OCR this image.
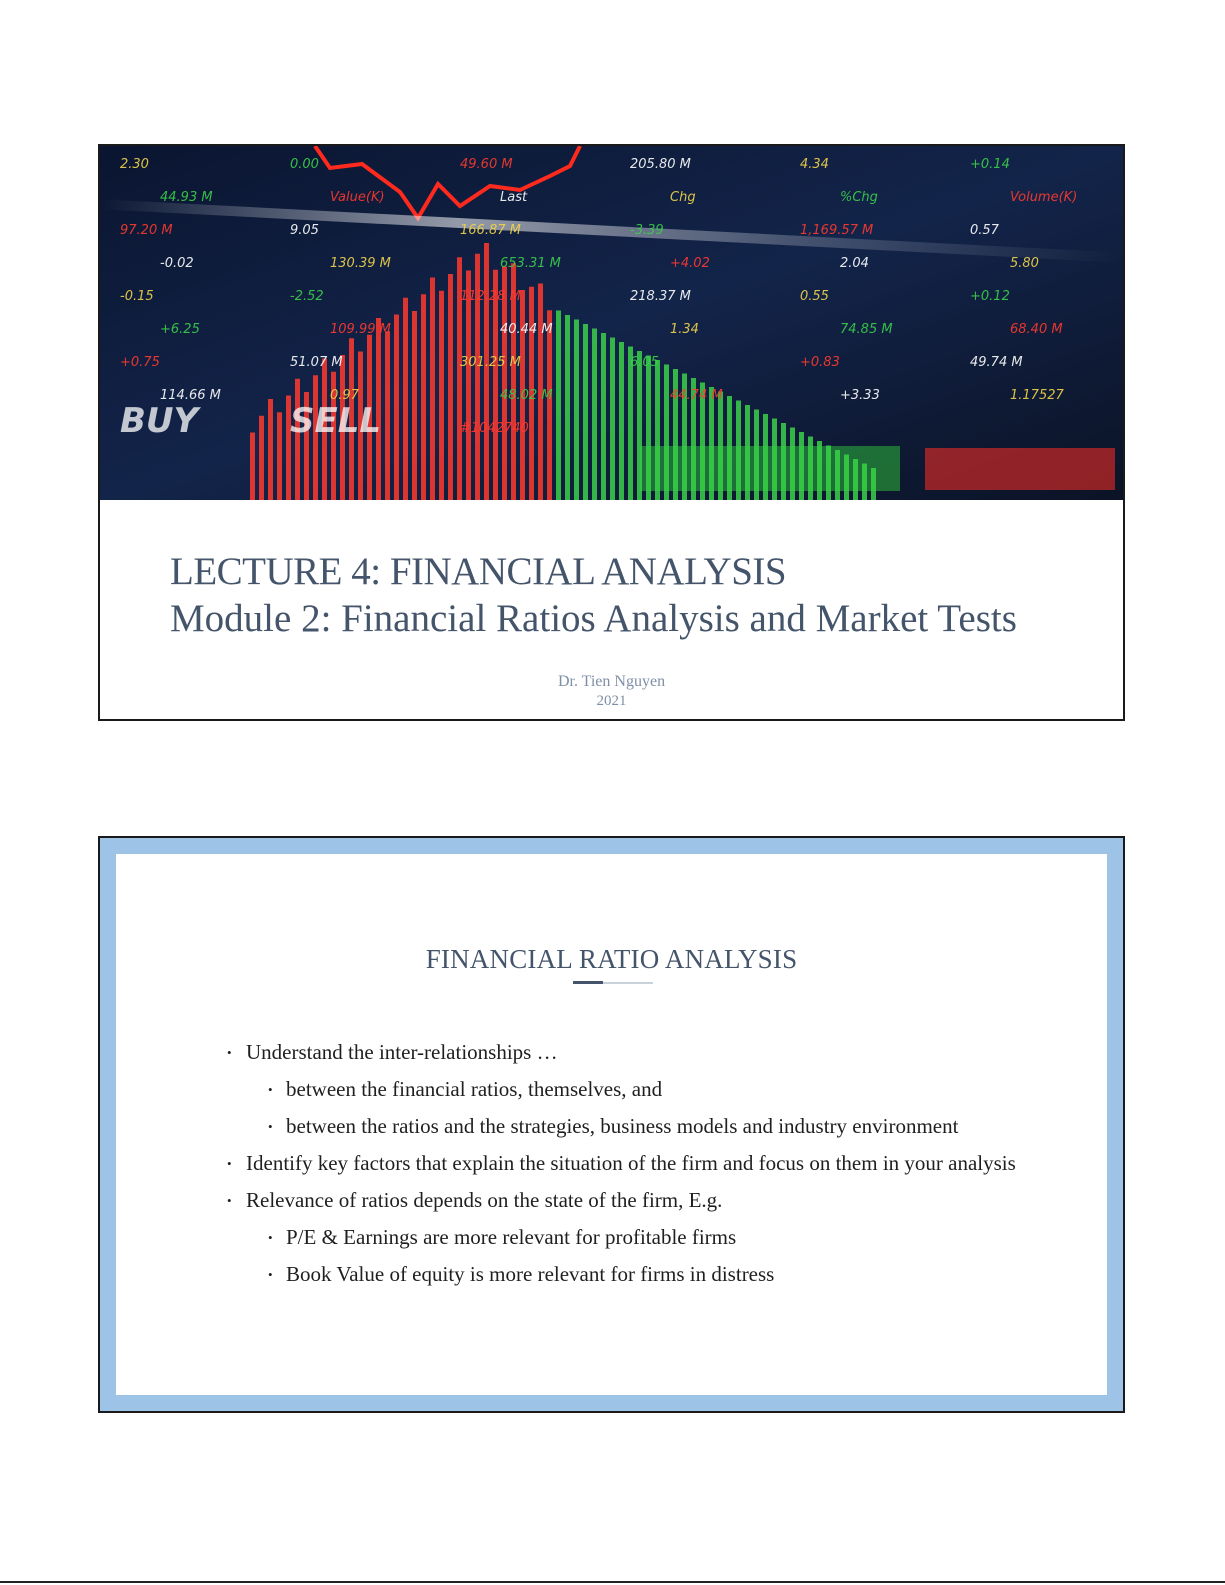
2.30	0.00	49.60 M	205.80 M	4.34	+0.14
44.93 M	Value(K)	Last	Chg	%Chg	Volume(K)
97.20 M	9.05	166.87 M	-3.39	1,169.57 M	0.57
-0.02	130.39 M	653.31 M	+4.02	2.04	5.80
-0.15	-2.52	112.28 M	218.37 M	0.55	+0.12
+6.25	109.99 M	40.44 M	1.34	74.85 M	68.40 M
+0.75	51.07 M	301.25 M	6.05	+0.83	49.74 M
114.66 M	0.97	48.02 M	44.74 M	+3.33	1.17527
BUY	SELL	#1042740
LECTURE 4: FINANCIAL ANALYSIS
Module 2: Financial Ratios Analysis and Market Tests
Dr. Tien Nguyen
2021
FINANCIAL RATIO ANALYSIS
• Understand the inter-relationships …
• between the financial ratios, themselves, and
• between the ratios and the strategies, business models and industry environment
• Identify key factors that explain the situation of the firm and focus on them in your analysis
• Relevance of ratios depends on the state of the firm, E.g.
• P/E & Earnings are more relevant for profitable firms
• Book Value of equity is more relevant for firms in distress
